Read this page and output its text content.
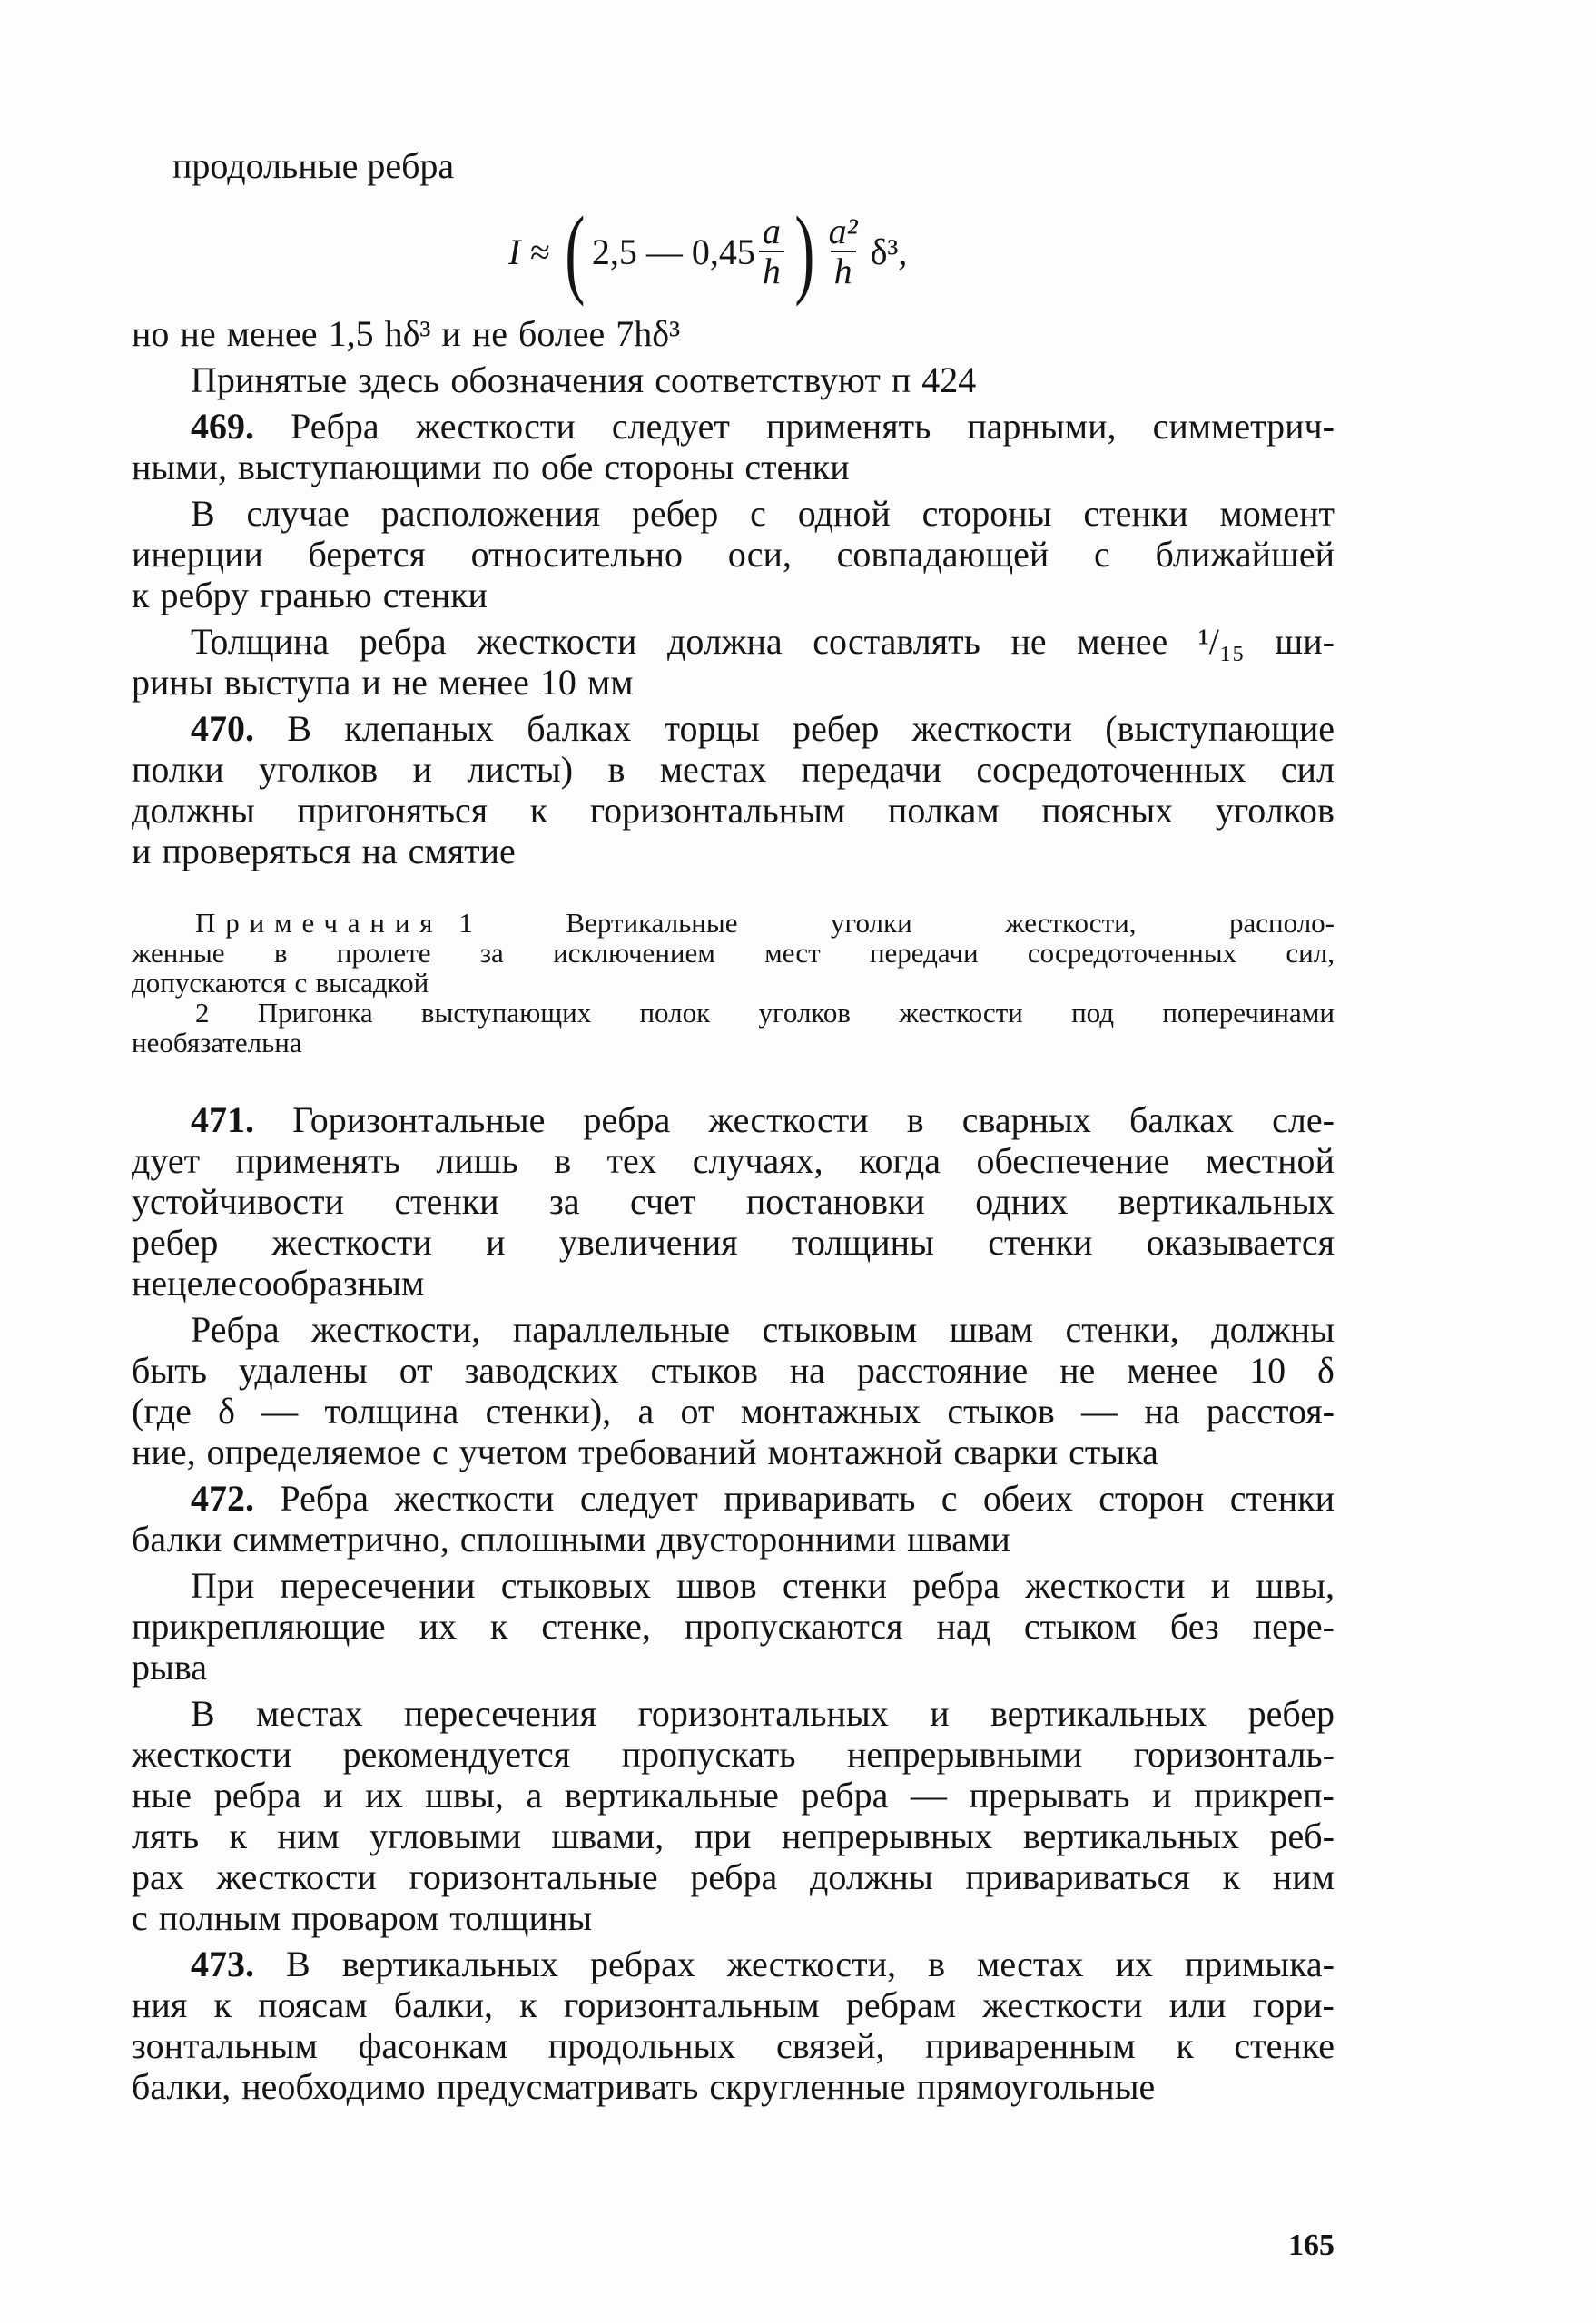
продольные ребра
I ≈ ( 2,5 — $0,45 \frac{a}{h}$ ) $\frac{\text{a²}}{h} \delta^3$,
но не менее 1,5 hδ³ и не более 7hδ³
Принятые здесь обозначения соответствуют п 424
469. Ребра жесткости следует применять парными, симметрич-
ными, выступающими по обе стороны стенки
В случае расположения ребер с одной стороны стенки момент
инерции берется относительно оси, совпадающей с ближайшей
к ребру гранью стенки
Толщина ребра жесткости должна составлять не менее ¹/₁₅ ши-
рины выступа и не менее 10 мм
470. В клепаных балках торцы ребер жесткости (выступающие
полки уголков и листы) в местах передачи сосредоточенных сил
должны пригоняться к горизонтальным полкам поясных уголков
и проверяться на смятие
Примечания 1	Вертикальные	уголки	жесткости,	располо-
женные в пролете за исключением мест передачи сосредоточенных сил,
допускаются с высадкой
2 Пригонка выступающих полок уголков жесткости под поперечинами
необязательна
471. Горизонтальные ребра жесткости в сварных балках сле-
дует применять лишь в тех случаях, когда обеспечение местной
устойчивости стенки за счет постановки одних вертикальных
ребер жесткости и увеличения толщины стенки оказывается
нецелесообразным
Ребра жесткости, параллельные стыковым швам стенки, должны
быть удалены от заводских стыков на расстояние не менее 10 δ
(где δ — толщина стенки), а от монтажных стыков — на расстоя-
ние, определяемое с учетом требований монтажной сварки стыка
472. Ребра жесткости следует приваривать с обеих сторон стенки
балки симметрично, сплошными двусторонними швами
При пересечении стыковых швов стенки ребра жесткости и швы,
прикрепляющие их к стенке, пропускаются над стыком без пере-
рыва
В местах пересечения горизонтальных и вертикальных ребер
жесткости рекомендуется пропускать непрерывными горизонталь-
ные ребра и их швы, а вертикальные ребра — прерывать и прикреп-
лять к ним угловыми швами, при непрерывных вертикальных реб-
рах жесткости горизонтальные ребра должны привариваться к ним
с полным проваром толщины
473. В вертикальных ребрах жесткости, в местах их примыка-
ния к поясам балки, к горизонтальным ребрам жесткости или гори-
зонтальным фасонкам продольных связей, приваренным к стенке
балки, необходимо предусматривать скругленные прямоугольные
165
